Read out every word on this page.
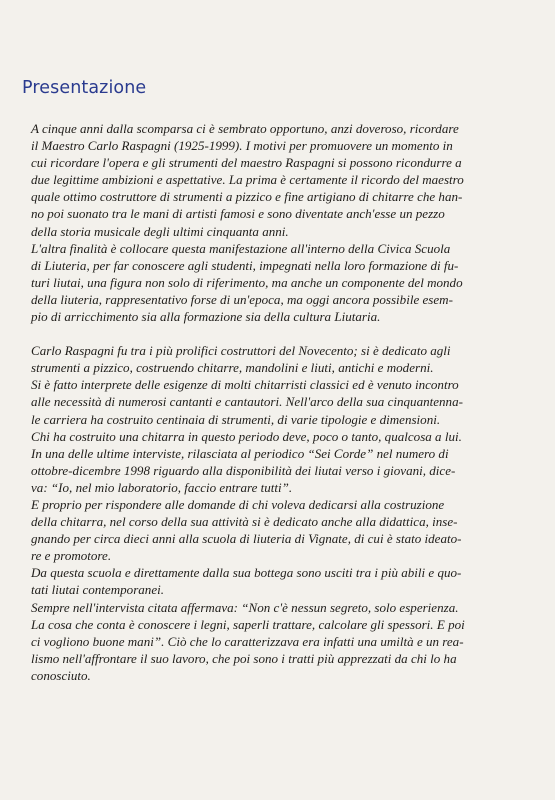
Presentazione

A cinque anni dalla scomparsa ci è sembrato opportuno, anzi doveroso, ricordare
il Maestro Carlo Raspagni (1925-1999). I motivi per promuovere un momento in
cui ricordare l'opera e gli strumenti del maestro Raspagni si possono ricondurre a
due legittime ambizioni e aspettative. La prima è certamente il ricordo del maestro
quale ottimo costruttore di strumenti a pizzico e fine artigiano di chitarre che han-
no poi suonato tra le mani di artisti famosi e sono diventate anch'esse un pezzo
della storia musicale degli ultimi cinquanta anni.

L'altra finalità è collocare questa manifestazione all'interno della Civica Scuola
di Liuteria, per far conoscere agli studenti, impegnati nella loro formazione di fu-
turi liutai, una figura non solo di riferimento, ma anche un componente del mondo
della liuteria, rappresentativo forse di un'epoca, ma oggi ancora possibile esem-
pio di arricchimento sia alla formazione sia della cultura Liutaria.

Carlo Raspagni fu tra i più prolifici costruttori del Novecento; si è dedicato agli
strumenti a pizzico, costruendo chitarre, mandolini e liuti, antichi e moderni.

Si è fatto interprete delle esigenze di molti chitarristi classici ed è venuto incontro
alle necessità di numerosi cantanti e cantautori. Nell'arco della sua cinquantenna-
le carriera ha costruito centinaia di strumenti, di varie tipologie e dimensioni.

Chi ha costruito una chitarra in questo periodo deve, poco o tanto, qualcosa a lui.
In una delle ultime interviste, rilasciata al periodico “Sei Corde” nel numero di
ottobre-dicembre 1998 riguardo alla disponibilità dei liutai verso i giovani, dice-
va: “Io, nel mio laboratorio, faccio entrare tutti”.

E proprio per rispondere alle domande di chi voleva dedicarsi alla costruzione
della chitarra, nel corso della sua attività si è dedicato anche alla didattica, inse-
gnando per circa dieci anni alla scuola di liuteria di Vignate, di cui è stato ideato-
re e promotore.

Da questa scuola e direttamente dalla sua bottega sono usciti tra i più abili e quo-
tati liutai contemporanei.

Sempre nell'intervista citata affermava: “Non c'è nessun segreto, solo esperienza.
La cosa che conta è conoscere i legni, saperli trattare, calcolare gli spessori. E poi
ci vogliono buone mani”. Ciò che lo caratterizzava era infatti una umiltà e un rea-
lismo nell'affrontare il suo lavoro, che poi sono i tratti più apprezzati da chi lo ha
conosciuto.
